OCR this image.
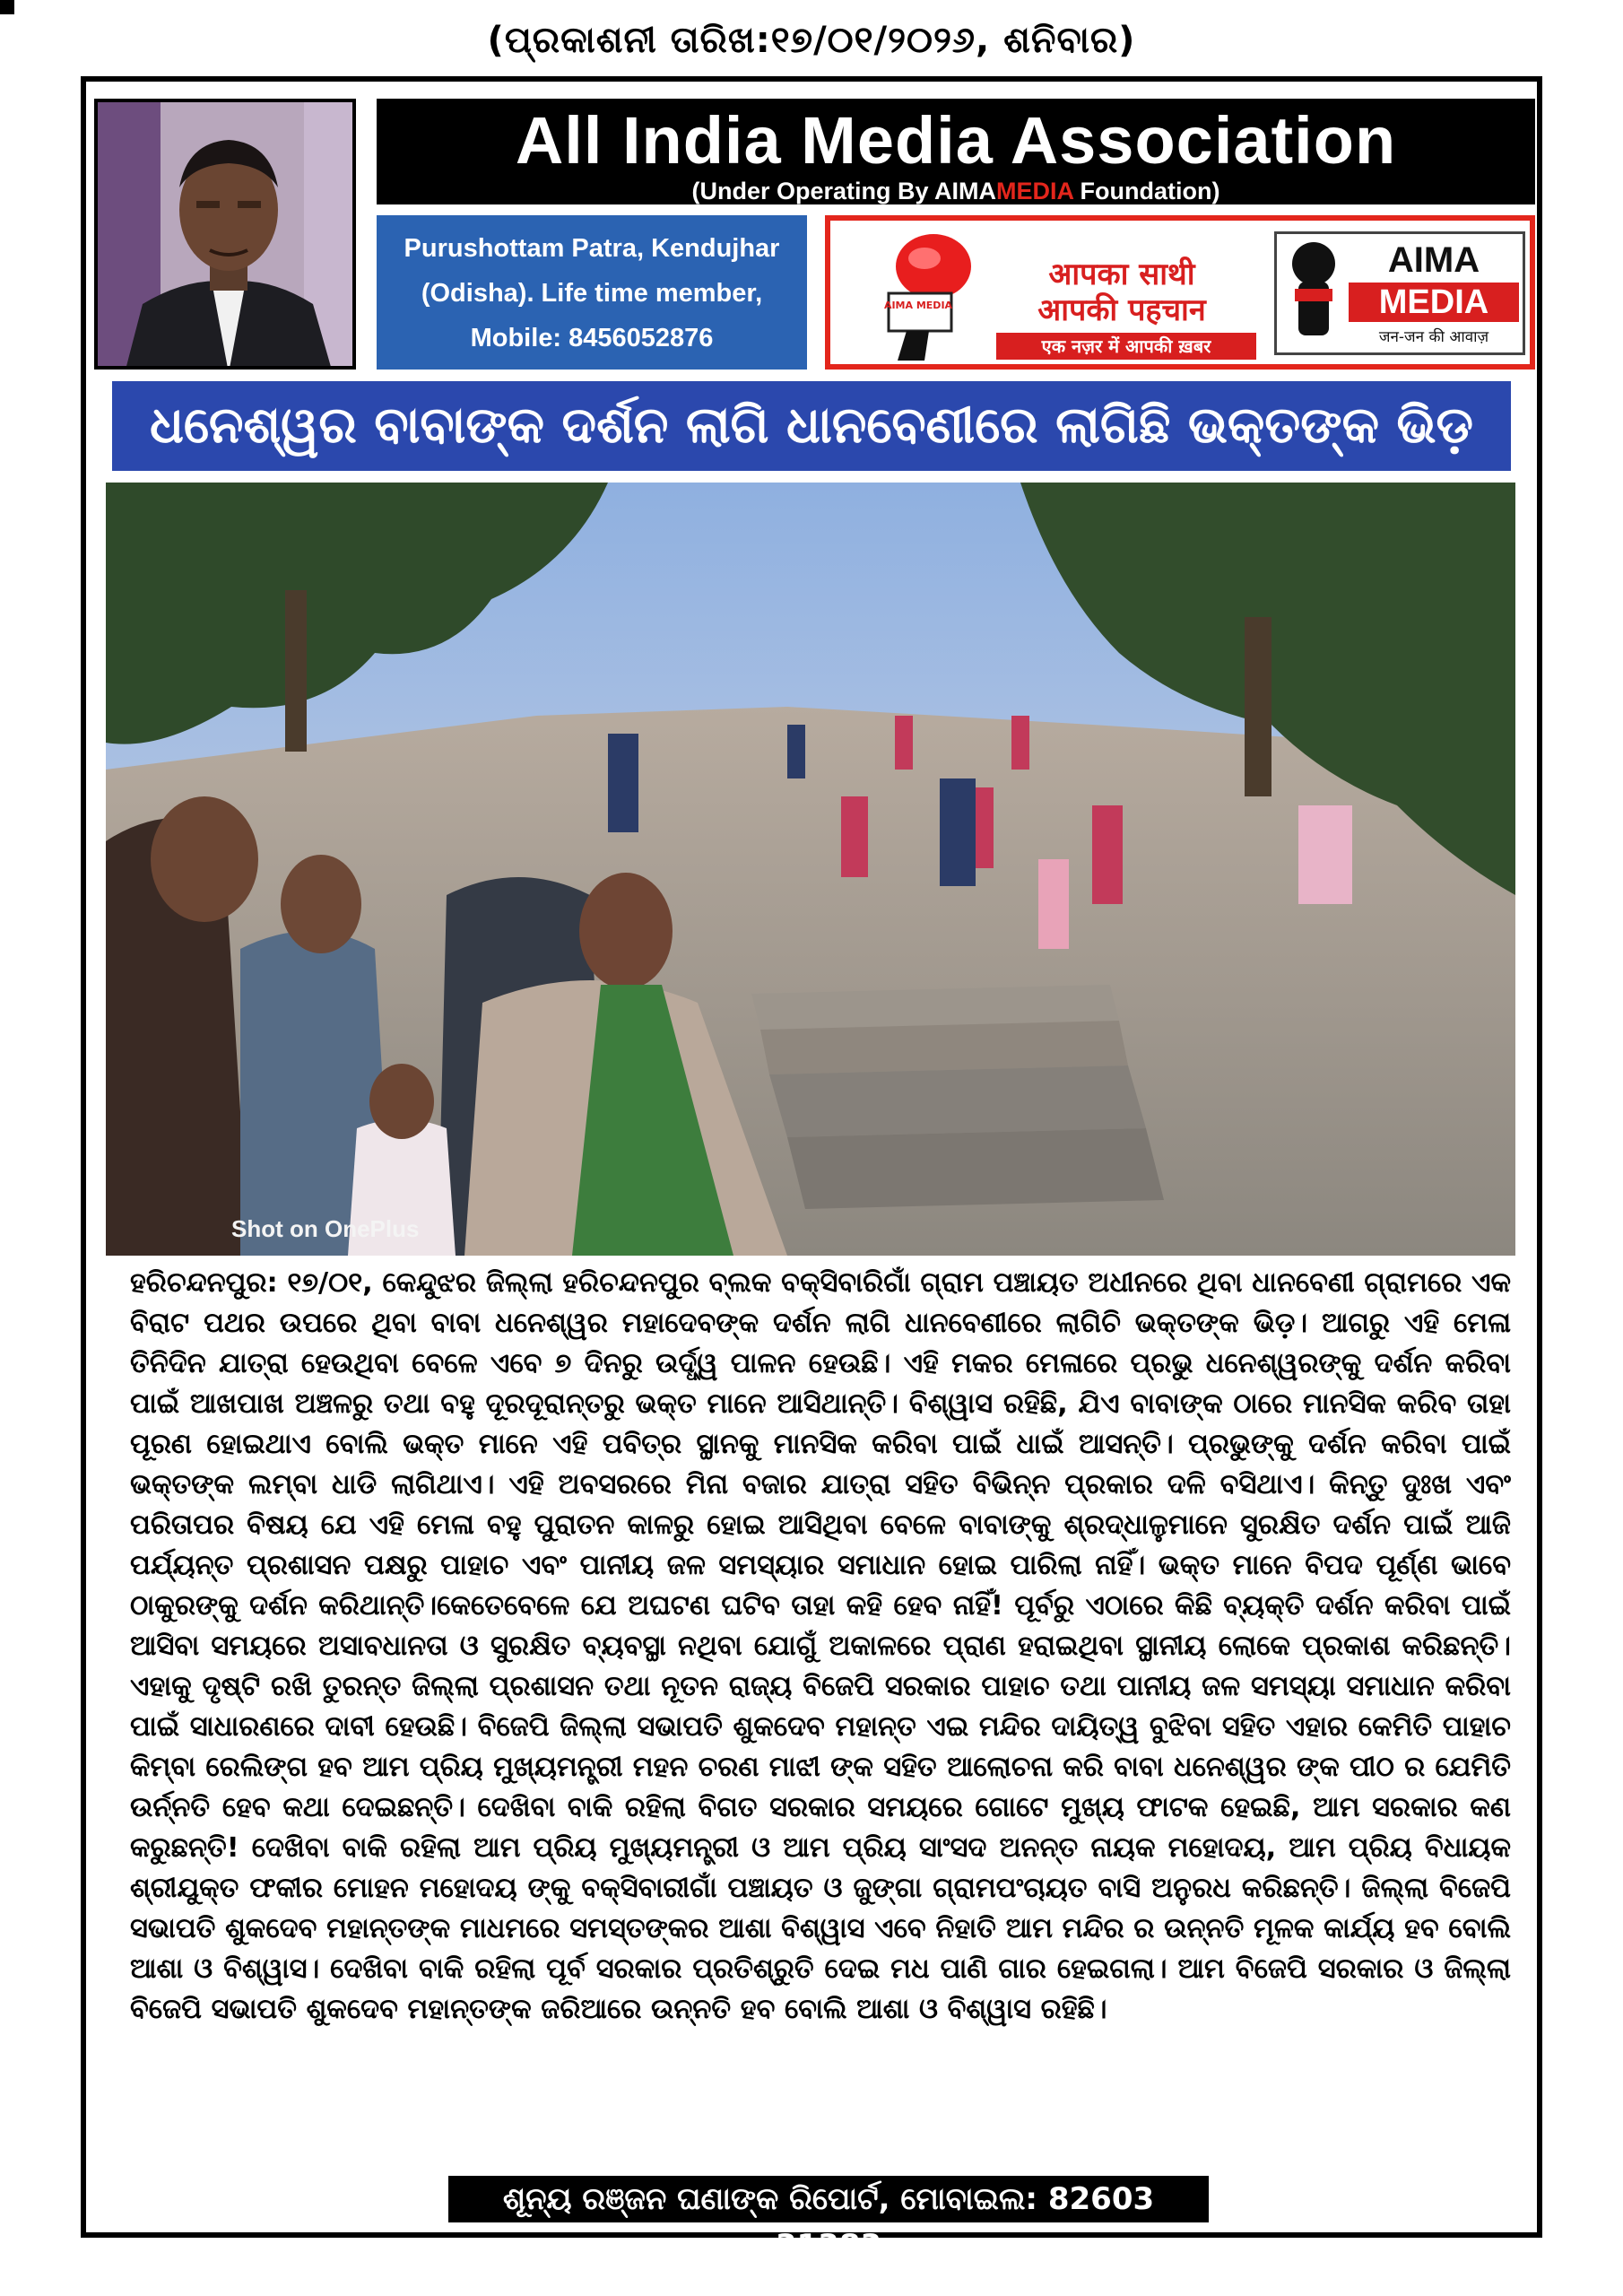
(ପ୍ରକାଶନୀ ତାରିଖ:୧୭/୦୧/୨୦୨୬, ଶନିବାର)
All India Media Association
(Under Operating By AIMAMEDIA Foundation)
Purushottam Patra, Kendujhar
(Odisha). Life time member,
Mobile: 8456052876
AIMA MEDIA
आपका साथी
आपकी पहचान
एक नज़र में आपकी ख़बर
AIMA
MEDIA
जन-जन की आवाज़
ଧନେଶ୍ୱର ବାବାଙ୍କ ଦର୍ଶନ ଲାଗି ଧାନବେଣୀରେ ଲାଗିଛି ଭକ୍ତଙ୍କ ଭିଡ଼
Shot on OnePlus
ହରିଚନ୍ଦନପୁର: ୧୭/୦୧, କେନ୍ଦୁଝର ଜିଲ୍ଲା ହରିଚନ୍ଦନପୁର ବ୍ଲକ ବକ୍ସିବାରିଗାଁ ଗ୍ରାମ ପଞ୍ଚାୟତ ଅଧୀନରେ ଥିବା ଧାନବେଣୀ ଗ୍ରାମରେ ଏକ ବିରାଟ ପଥର ଉପରେ ଥିବା ବାବା ଧନେଶ୍ୱର ମହାଦେବଙ୍କ ଦର୍ଶନ ଲାଗି ଧାନବେଣୀରେ ଲାଗିଚି ଭକ୍ତଙ୍କ ଭିଡ଼। ଆଗରୁ ଏହି ମେଳା ତିନିଦିନ ଯାତ୍ରା ହେଉଥିବା ବେଳେ ଏବେ ୭ ଦିନରୁ ଉର୍ଦ୍ଧ୍ୱ ପାଳନ ହେଉଛି। ଏହି ମକର ମେଳାରେ ପ୍ରଭୁ ଧନେଶ୍ୱରଙ୍କୁ ଦର୍ଶନ କରିବା ପାଇଁ ଆଖପାଖ ଅଞ୍ଚଳରୁ ତଥା ବହୁ ଦୂରଦୂରାନ୍ତରୁ ଭକ୍ତ ମାନେ ଆସିଥାନ୍ତି। ବିଶ୍ୱାସ ରହିଛି, ଯିଏ ବାବାଙ୍କ ଠାରେ ମାନସିକ କରିବ ତାହା ପୂରଣ ହୋଇଥାଏ ବୋଲି ଭକ୍ତ ମାନେ ଏହି ପବିତ୍ର ସ୍ଥାନକୁ ମାନସିକ କରିବା ପାଇଁ ଧାଇଁ ଆସନ୍ତି। ପ୍ରଭୁଙ୍କୁ ଦର୍ଶନ କରିବା ପାଇଁ ଭକ୍ତଙ୍କ ଲମ୍ବା ଧାଡି ଲାଗିଥାଏ। ଏହି ଅବସରରେ ମିନା ବଜାର ଯାତ୍ରା ସହିତ ବିଭିନ୍ନ ପ୍ରକାର ଦଳି ବସିଥାଏ। କିନ୍ତୁ ଦୁଃଖ ଏବଂ ପରିତାପର ବିଷୟ ଯେ ଏହି ମେଳା ବହୁ ପୁରାତନ କାଳରୁ ହୋଇ ଆସିଥିବା ବେଳେ ବାବାଙ୍କୁ ଶ୍ରଦ୍ଧାଳୁମାନେ ସୁରକ୍ଷିତ ଦର୍ଶନ ପାଇଁ ଆଜି ପର୍ଯ୍ୟନ୍ତ ପ୍ରଶାସନ ପକ୍ଷରୁ ପାହାଚ ଏବଂ ପାନୀୟ ଜଳ ସମସ୍ୟାର ସମାଧାନ ହୋଇ ପାରିଲା ନାହିଁ। ଭକ୍ତ ମାନେ ବିପଦ ପୂର୍ଣ୍ଣ ଭାବେ ଠାକୁରଙ୍କୁ ଦର୍ଶନ କରିଥାନ୍ତି।କେତେବେଳେ ଯେ ଅଘଟଣ ଘଟିବ ତାହା କହି ହେବ ନାହିଁ! ପୂର୍ବରୁ ଏଠାରେ କିଛି ବ୍ୟକ୍ତି ଦର୍ଶନ କରିବା ପାଇଁ ଆସିବା ସମୟରେ ଅସାବଧାନତା ଓ ସୁରକ୍ଷିତ ବ୍ୟବସ୍ଥା ନଥିବା ଯୋଗୁଁ ଅକାଳରେ ପ୍ରାଣ ହରାଇଥିବା ସ୍ଥାନୀୟ ଲୋକେ ପ୍ରକାଶ କରିଛନ୍ତି। ଏହାକୁ ଦୃଷ୍ଟି ରଖି ତୁରନ୍ତ ଜିଲ୍ଲା ପ୍ରଶାସନ ତଥା ନୂତନ ରାଜ୍ୟ ବିଜେପି ସରକାର ପାହାଚ ତଥା ପାନୀୟ ଜଳ ସମସ୍ୟା ସମାଧାନ କରିବା ପାଇଁ ସାଧାରଣରେ ଦାବୀ ହେଉଛି। ବିଜେପି ଜିଲ୍ଲା ସଭାପତି ଶୁକଦେବ ମହାନ୍ତ ଏଇ ମନ୍ଦିର ଦାୟିତ୍ୱ ବୁଝିବା ସହିତ ଏହାର କେମିତି ପାହାଚ କିମ୍ବା ରେଲିଙ୍ଗ ହବ ଆମ ପ୍ରିୟ ମୁଖ୍ୟମନ୍ତ୍ରୀ ମହନ ଚରଣ ମାଝୀ ଙ୍କ ସହିତ ଆଲୋଚନା କରି ବାବା ଧନେଶ୍ୱର ଙ୍କ ପୀଠ ର ଯେମିତି ଉର୍ନ୍ନତି ହେବ କଥା ଦେଇଛନ୍ତି। ଦେଖିବା ବାକି ରହିଲା ବିଗତ ସରକାର ସମୟରେ ଗୋଟେ ମୁଖ୍ୟ ଫାଟକ ହେଇଛି, ଆମ ସରକାର କଣ କରୁଛନ୍ତି! ଦେଖିବା ବାକି ରହିଲା ଆମ ପ୍ରିୟ ମୁଖ୍ୟମନ୍ତ୍ରୀ ଓ ଆମ ପ୍ରିୟ ସାଂସଦ ଅନନ୍ତ ନାୟକ ମହୋଦୟ, ଆମ ପ୍ରିୟ ବିଧାୟକ ଶ୍ରୀଯୁକ୍ତ ଫକୀର ମୋହନ ମହୋଦୟ ଙ୍କୁ ବକ୍ସିବାରୀଗାଁ ପଞ୍ଚାୟତ ଓ ଜୁଙ୍ଗା ଗ୍ରାମପଂଚାୟତ ବାସି ଅନୁରଧ କରିଛନ୍ତି। ଜିଲ୍ଲା ବିଜେପି ସଭାପତି ଶୁକଦେବ ମହାନ୍ତଙ୍କ ମାଧମରେ ସମସ୍ତଙ୍କର ଆଶା ବିଶ୍ୱାସ ଏବେ ନିହାତି ଆମ ମନ୍ଦିର ର ଉନ୍ନତି ମୂଳକ କାର୍ଯ୍ୟ ହବ ବୋଲି ଆଶା ଓ ବିଶ୍ୱାସ। ଦେଖିବା ବାକି ରହିଲା ପୂର୍ବ ସରକାର ପ୍ରତିଶ୍ରୁତି ଦେଇ ମଧ ପାଣି ଗାର ହେଇଗଲା। ଆମ ବିଜେପି ସରକାର ଓ ଜିଲ୍ଲା ବିଜେପି ସଭାପତି ଶୁକଦେବ ମହାନ୍ତଙ୍କ ଜରିଆରେ ଉନ୍ନତି ହବ ବୋଲି ଆଶା ଓ ବିଶ୍ୱାସ ରହିଛି।
ଶୂନ୍ୟ ରଞ୍ଜନ ଘଣାଙ୍କ ରିପୋର୍ଟ, ମୋବାଇଲ: 82603 31383
